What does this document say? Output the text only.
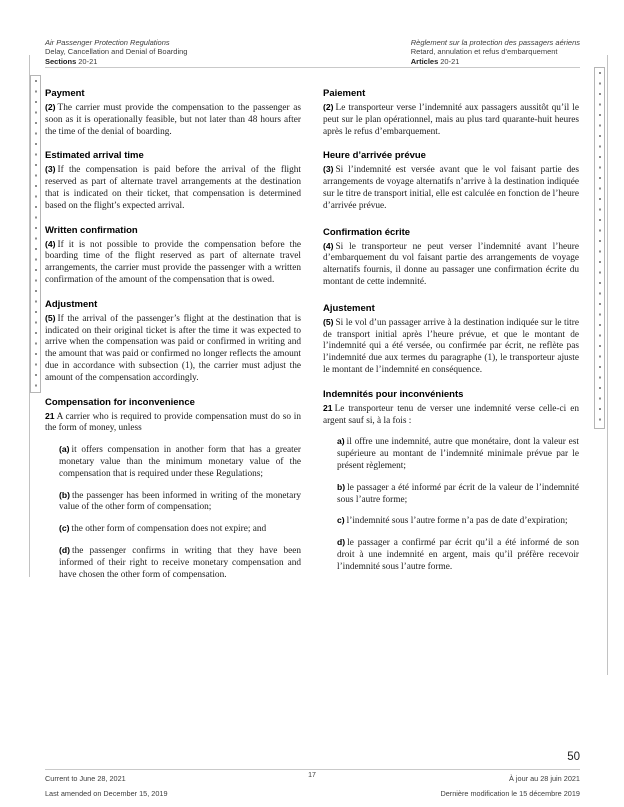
Air Passenger Protection Regulations
Delay, Cancellation and Denial of Boarding
Sections 20-21
Règlement sur la protection des passagers aériens
Retard, annulation et refus d’embarquement
Articles 20-21
Payment

(2) The carrier must provide the compensation to the passenger as soon as it is operationally feasible, but not later than 48 hours after the time of the denial of boarding.

Estimated arrival time

(3) If the compensation is paid before the arrival of the flight reserved as part of alternate travel arrangements at the destination that is indicated on their ticket, that compensation is determined based on the flight’s expected arrival.

Written confirmation

(4) If it is not possible to provide the compensation before the boarding time of the flight reserved as part of alternate travel arrangements, the carrier must provide the passenger with a written confirmation of the amount of the compensation that is owed.

Adjustment

(5) If the arrival of the passenger’s flight at the destination that is indicated on their original ticket is after the time it was expected to arrive when the compensation was paid or confirmed in writing and the amount that was paid or confirmed no longer reflects the amount due in accordance with subsection (1), the carrier must adjust the amount of the compensation accordingly.

Compensation for inconvenience

21 A carrier who is required to provide compensation must do so in the form of money, unless

(a) it offers compensation in another form that has a greater monetary value than the minimum monetary value of the compensation that is required under these Regulations;

(b) the passenger has been informed in writing of the monetary value of the other form of compensation;

(c) the other form of compensation does not expire; and

(d) the passenger confirms in writing that they have been informed of their right to receive monetary compensation and have chosen the other form of compensation.

Paiement

(2) Le transporteur verse l’indemnité aux passagers aussitôt qu’il le peut sur le plan opérationnel, mais au plus tard quarante-huit heures après le refus d’embarquement.

Heure d’arrivée prévue

(3) Si l’indemnité est versée avant que le vol faisant partie des arrangements de voyage alternatifs n’arrive à la destination indiquée sur le titre de transport initial, elle est calculée en fonction de l’heure d’arrivée prévue.

Confirmation écrite

(4) Si le transporteur ne peut verser l’indemnité avant l’heure d’embarquement du vol faisant partie des arrangements de voyage alternatifs fournis, il donne au passager une confirmation écrite du montant de cette indemnité.

Ajustement

(5) Si le vol d’un passager arrive à la destination indiquée sur le titre de transport initial après l’heure prévue, et que le montant de l’indemnité qui a été versée, ou confirmée par écrit, ne reflète pas l’indemnité due aux termes du paragraphe (1), le transporteur ajuste le montant de l’indemnité en conséquence.

Indemnités pour inconvénients

21 Le transporteur tenu de verser une indemnité verse celle-ci en argent sauf si, à la fois :

a) il offre une indemnité, autre que monétaire, dont la valeur est supérieure au montant de l’indemnité minimale prévue par le présent règlement;

b) le passager a été informé par écrit de la valeur de l’indemnité sous l’autre forme;

c) l’indemnité sous l’autre forme n’a pas de date d’expiration;

d) le passager a confirmé par écrit qu’il a été informé de son droit à une indemnité en argent, mais qu’il préfère recevoir l’indemnité sous l’autre forme.

50
Current to June 28, 2021	17	À jour au 28 juin 2021
Last amended on December 15, 2019	Dernière modification le 15 décembre 2019
